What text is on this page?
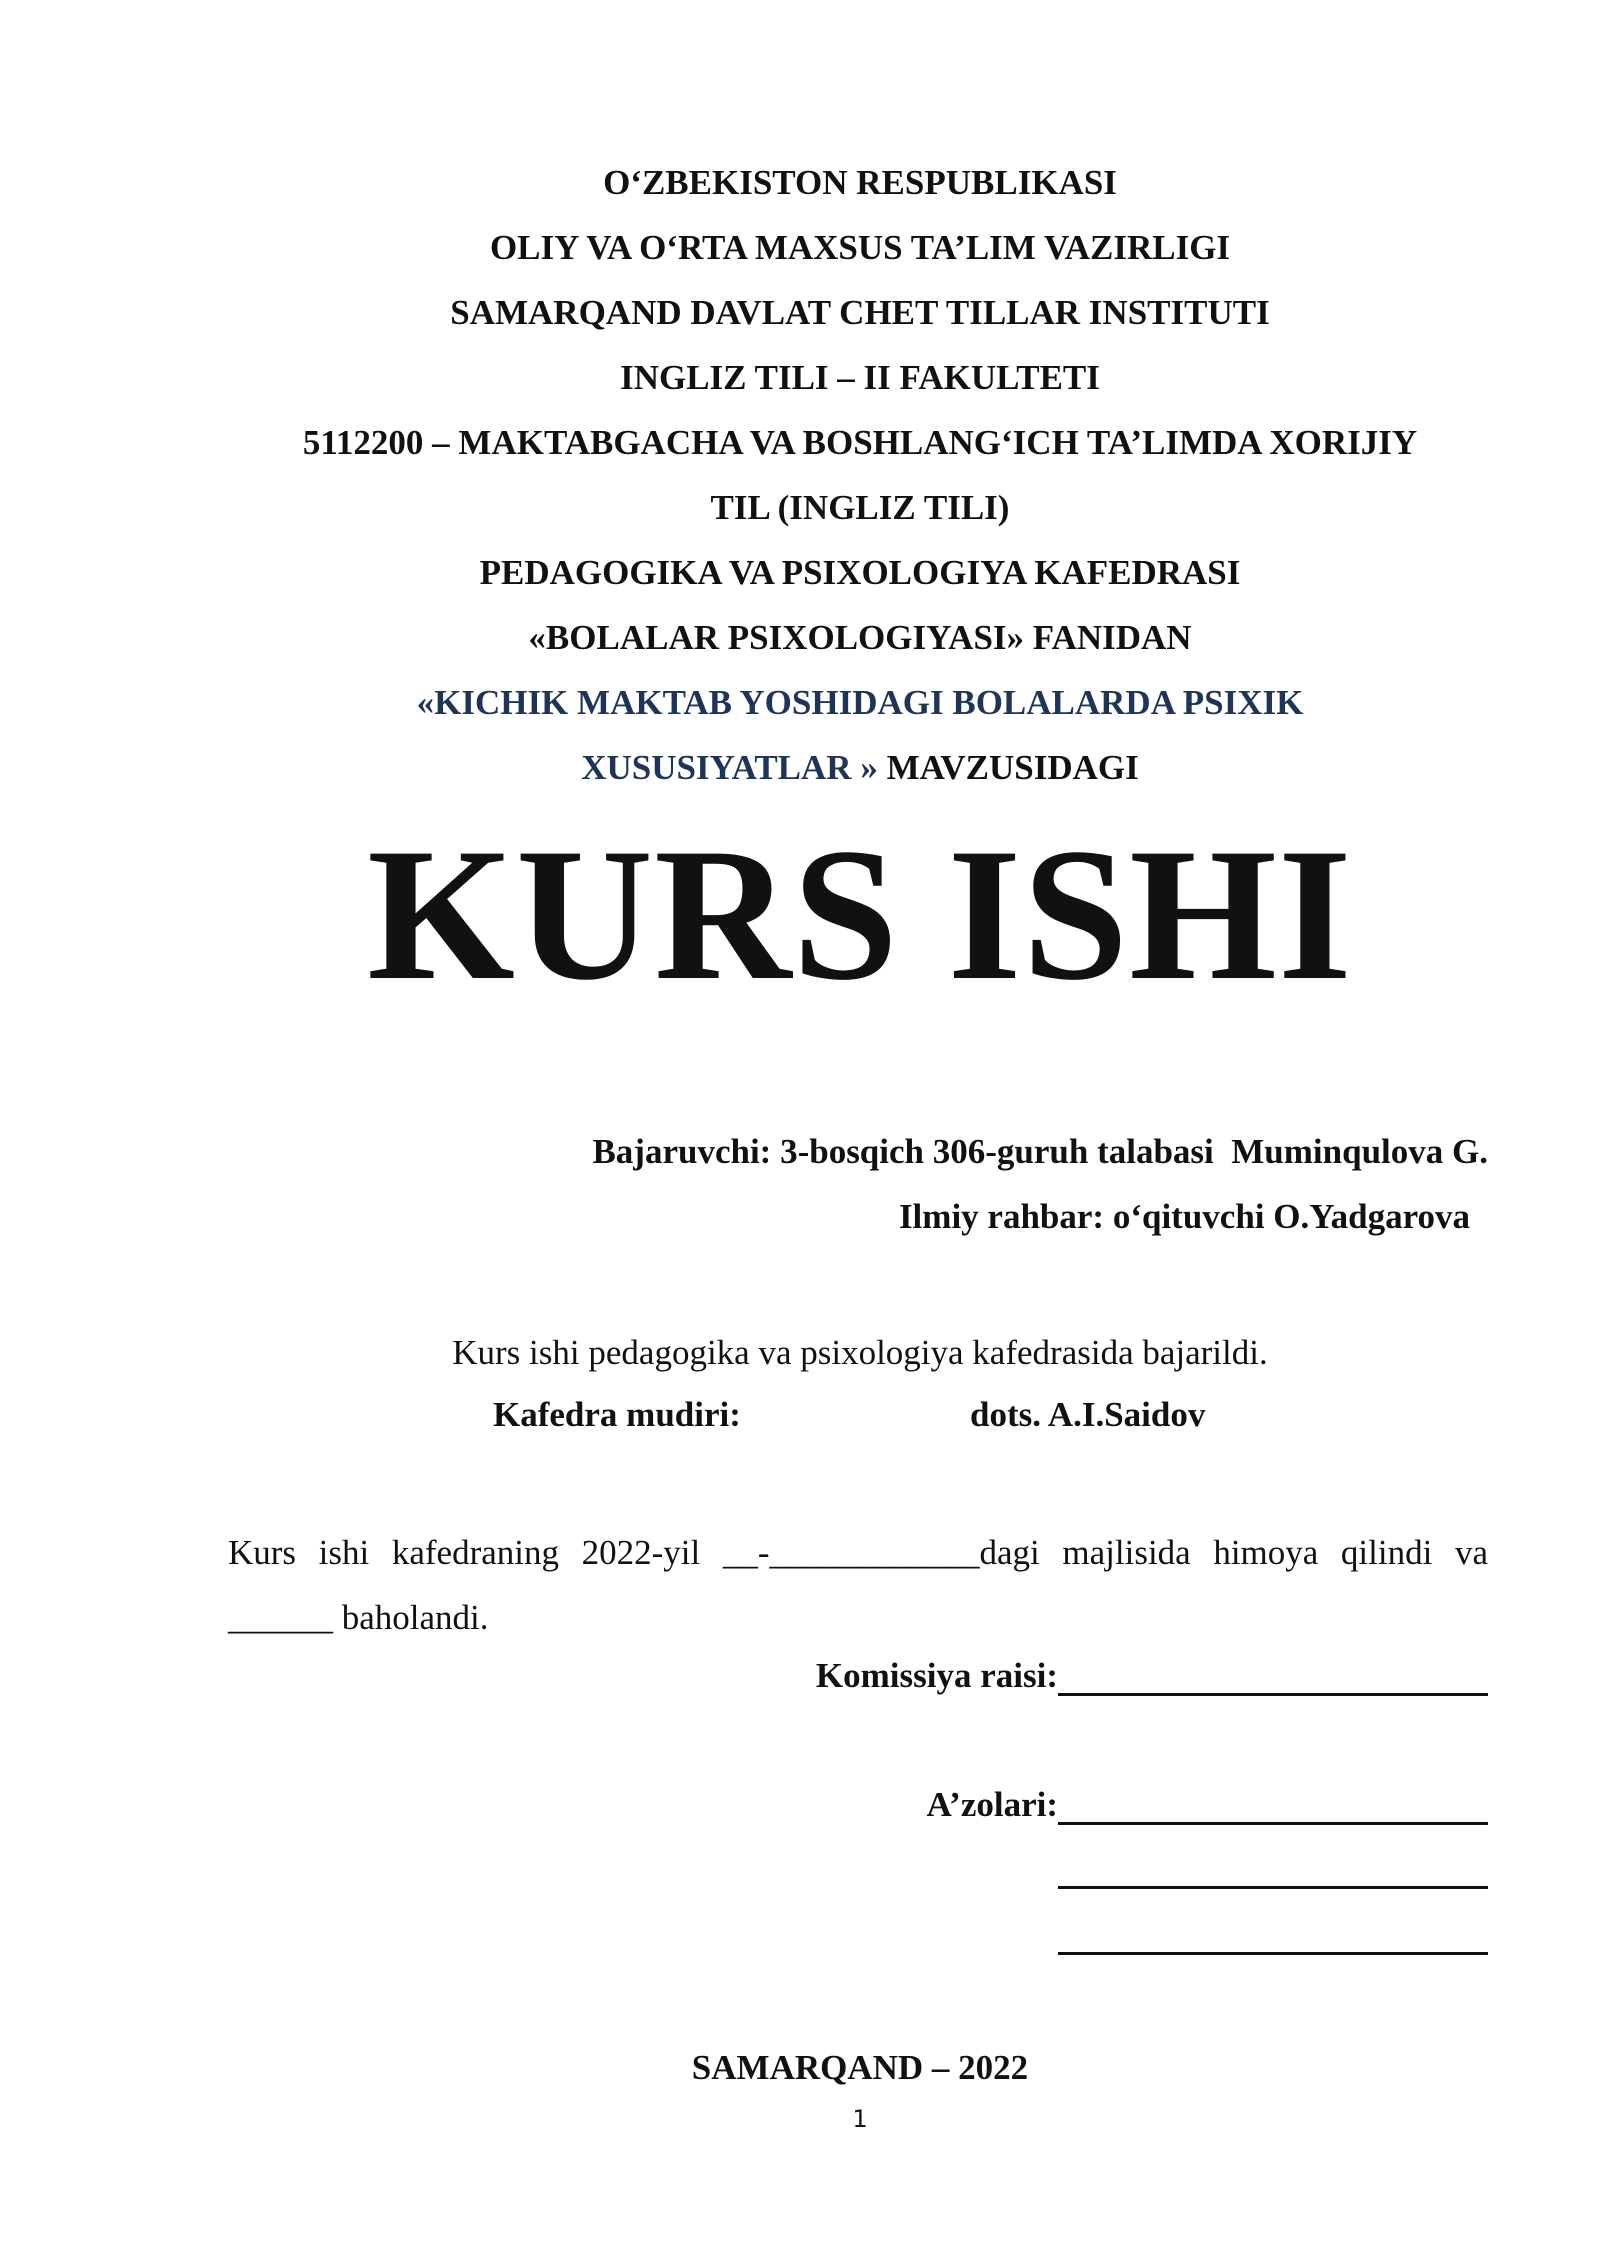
O‘ZBEKISTON RESPUBLIKASI
OLIY VA O‘RTA MAXSUS TA’LIM VAZIRLIGI
SAMARQAND DAVLAT CHET TILLAR INSTITUTI
INGLIZ TILI – II FAKULTETI
5112200 – MAKTABGACHA VA BOSHLANG‘ICH TA’LIMDA XORIJIY
TIL (INGLIZ TILI)
PEDAGOGIKA VA PSIXOLOGIYA KAFEDRASI
«BOLALAR PSIXOLOGIYASI» FANIDAN
«KICHIK MAKTAB YOSHIDAGI BOLALARDA PSIXIK
XUSUSIYATLAR » MAVZUSIDAGI
KURS ISHI
Bajaruvchi: 3-bosqich 306-guruh talabasi  Muminqulova G.
Ilmiy rahbar: o‘qituvchi O.Yadgarova
Kurs ishi pedagogika va psixologiya kafedrasida bajarildi.
Kafedra mudiri:	dots. A.I.Saidov
Kurs ishi kafedraning 2022-yil __-____________dagi majlisida himoya qilindi va ______ baholandi.
Komissiya raisi:
A’zolari:
SAMARQAND – 2022
1
